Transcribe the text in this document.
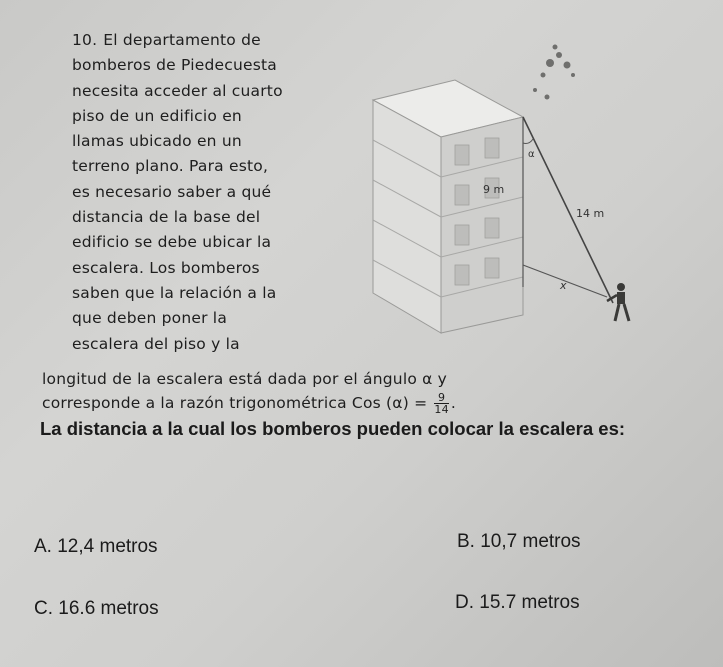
10. El departamento de
bomberos de Piedecuesta
necesita acceder al cuarto
piso de un edificio en
llamas ubicado en un
terreno plano. Para esto,
es necesario saber a qué
distancia de la base del
edificio se debe ubicar la
escalera. Los bomberos
saben que la relación a la
que deben poner la
escalera del piso y la
9 m
14 m
x
α
longitud de la escalera está dada por el ángulo α y
corresponde a la razón trigonométrica Cos $(\alpha) = \frac{9}{14}$ .
La distancia a la cual los bomberos pueden colocar la escalera es:
A. 12,4 metros	B. 10,7 metros
C. 16.6 metros	D. 15.7 metros
